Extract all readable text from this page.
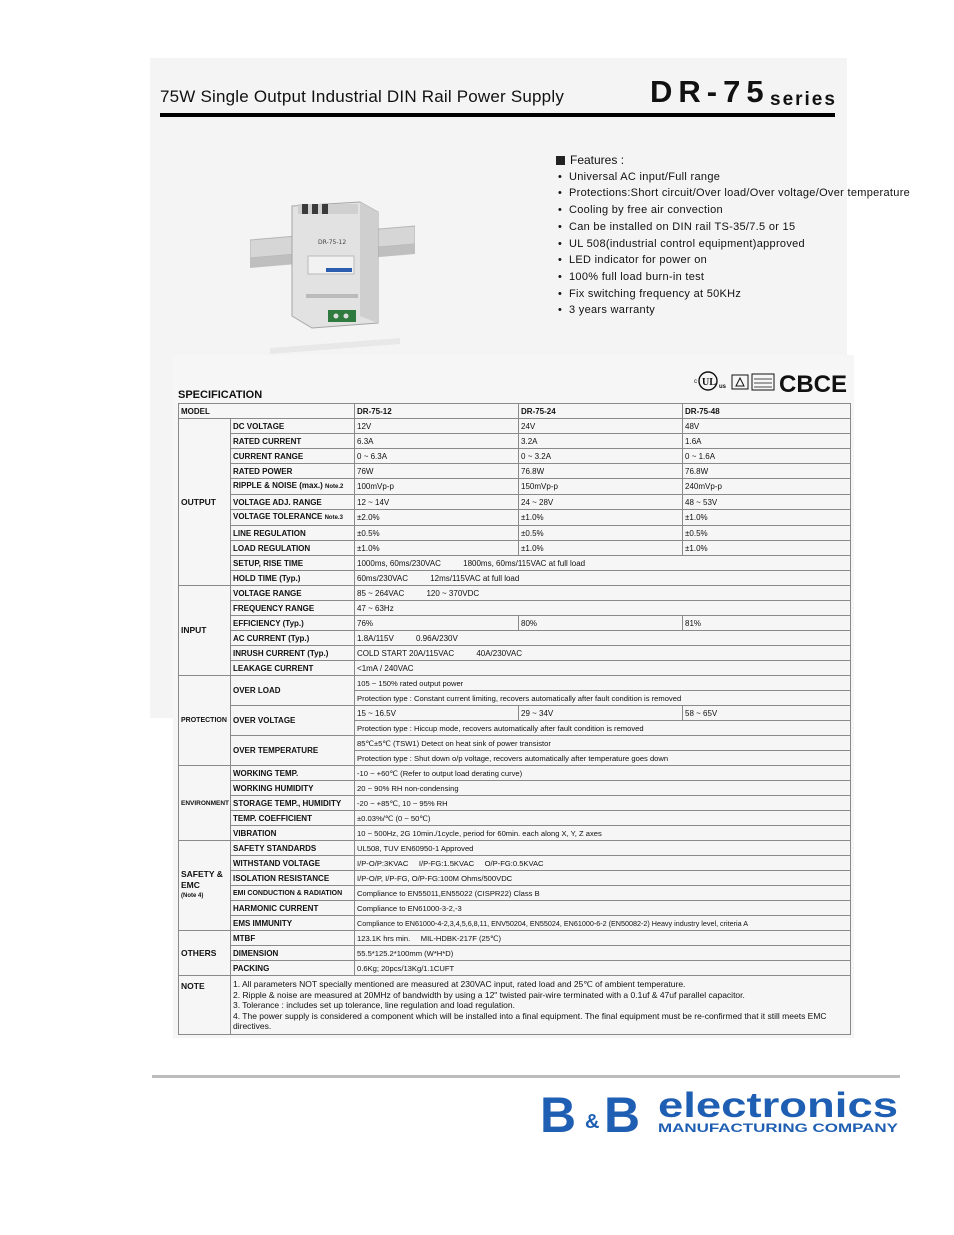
75W Single Output Industrial DIN Rail Power Supply	DR-75 series
DR-75-12
Features :
• Universal AC input/Full range
• Protections:Short circuit/Over load/Over voltage/Over temperature
• Cooling by free air convection
• Can be installed on DIN rail TS-35/7.5 or 15
• UL 508(industrial control equipment)approved
• LED indicator for power on
• 100% full load burn-in test
• Fix switching frequency at 50KHz
• 3 years warranty
SPECIFICATION
UL
c
us CBCE
MODEL		DR-75-12	DR-75-24	DR-75-48
OUTPUT	DC VOLTAGE	12V	24V	48V
	RATED CURRENT	6.3A	3.2A	1.6A
	CURRENT RANGE	0 ~ 6.3A	0 ~ 3.2A	0 ~ 1.6A
	RATED POWER	76W	76.8W	76.8W
	RIPPLE & NOISE (max.) Note.2	100mVp-p	150mVp-p	240mVp-p
	VOLTAGE ADJ. RANGE	12 ~ 14V	24 ~ 28V	48 ~ 53V
	VOLTAGE TOLERANCE Note.3	±2.0%	±1.0%	±1.0%
	LINE REGULATION	±0.5%	±0.5%	±0.5%
	LOAD REGULATION	±1.0%	±1.0%	±1.0%
	SETUP, RISE TIME	1000ms, 60ms/230VAC          1800ms, 60ms/115VAC at full load		
	HOLD TIME (Typ.)	60ms/230VAC          12ms/115VAC at full load		
INPUT	VOLTAGE RANGE	85 ~ 264VAC          120 ~ 370VDC		
	FREQUENCY RANGE	47 ~ 63Hz		
	EFFICIENCY (Typ.)	76%	80%	81%
	AC CURRENT (Typ.)	1.8A/115V          0.96A/230V		
	INRUSH CURRENT (Typ.)	COLD START 20A/115VAC          40A/230VAC		
	LEAKAGE CURRENT	<1mA / 240VAC		
PROTECTION	OVER LOAD	105 ~ 150% rated output power		
		Protection type : Constant current limiting, recovers automatically after fault condition is removed		
	OVER VOLTAGE	15 ~ 16.5V	29 ~ 34V	58 ~ 65V
		Protection type : Hiccup mode, recovers automatically after fault condition is removed		
	OVER TEMPERATURE	85℃±5℃ (TSW1) Detect on heat sink of power transistor		
		Protection type : Shut down o/p voltage, recovers automatically after temperature goes down		
ENVIRONMENT	WORKING TEMP.	-10 ~ +60℃ (Refer to output load derating curve)		
	WORKING HUMIDITY	20 ~ 90% RH non-condensing		
	STORAGE TEMP., HUMIDITY	-20 ~ +85℃, 10 ~ 95% RH		
	TEMP. COEFFICIENT	±0.03%/℃ (0 ~ 50℃)		
	VIBRATION	10 ~ 500Hz, 2G 10min./1cycle, period for 60min. each along X, Y, Z axes		

SAFETY &
EMC
(Note 4)	SAFETY STANDARDS	UL508, TUV EN60950-1 Approved		
	WITHSTAND VOLTAGE	I/P-O/P:3KVAC     I/P-FG:1.5KVAC     O/P-FG:0.5KVAC		
	ISOLATION RESISTANCE	I/P-O/P, I/P-FG, O/P-FG:100M Ohms/500VDC		
	EMI CONDUCTION & RADIATION	Compliance to EN55011,EN55022 (CISPR22) Class B		
	HARMONIC CURRENT	Compliance to EN61000-3-2,-3		
	EMS IMMUNITY	Compliance to EN61000-4-2,3,4,5,6,8,11, ENV50204, EN55024, EN61000-6-2 (EN50082-2) Heavy industry level, criteria A		
OTHERS	MTBF	123.1K hrs min.     MIL-HDBK-217F (25℃)		
	DIMENSION	55.5*125.2*100mm (W*H*D)		
	PACKING	0.6Kg; 20pcs/13Kg/1.1CUFT		
NOTE	1. All parameters NOT specially mentioned are measured at 230VAC input, rated load and 25℃ of ambient temperature.

2. Ripple & noise are measured at 20MHz of bandwidth by using a 12" twisted pair-wire terminated with a 0.1uf & 47uf parallel capacitor.

3. Tolerance : includes set up tolerance, line regulation and load regulation.

4. The power supply is considered a component which will be installed into a final equipment. The final equipment must be re-confirmed that it still meets EMC directives.			

B & B electronics
MANUFACTURING COMPANY
